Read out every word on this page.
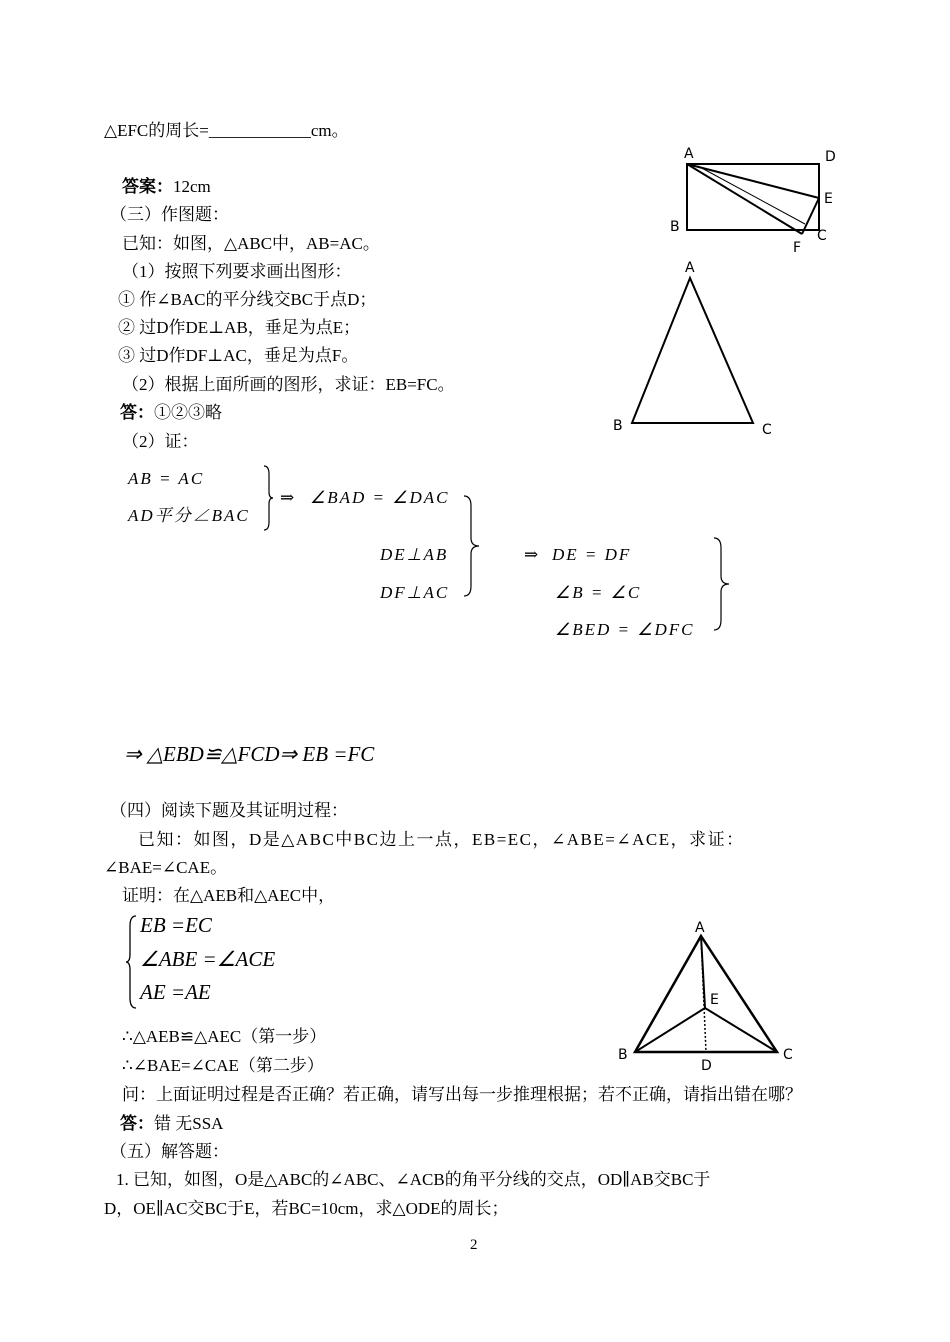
△EFC的周长=____________cm。
答案：12cm
（三）作图题：
已知：如图，△ABC中，AB=AC。
（1）按照下列要求画出图形：
① 作∠BAC的平分线交BC于点D；
② 过D作DE⊥AB，垂足为点E；
③ 过D作DF⊥AC，垂足为点F。
（2）根据上面所画的图形，求证：EB=FC。
答：①②③略
（2）证：
AB = AC
AD平分∠BAC
⇒ ∠BAD = ∠DAC
DE⊥AB
DF⊥AC
⇒ DE = DF
∠B = ∠C
∠BED = ∠DFC
⇒ △EBD≌△FCD⇒ EB =FC
（四）阅读下题及其证明过程：
已知：如图，D是△ABC中BC边上一点，EB=EC，∠ABE=∠ACE，求证：
∠BAE=∠CAE。
证明：在△AEB和△AEC中，
EB =EC
∠ABE =∠ACE
AE =AE
∴△AEB≌△AEC（第一步）
∴∠BAE=∠CAE（第二步）
问：上面证明过程是否正确？若正确，请写出每一步推理根据；若不正确，请指出错在哪？
答：错 无SSA
（五）解答题：
1. 已知，如图，O是△ABC的∠ABC、∠ACB的角平分线的交点，OD∥AB交BC于
D，OE∥AC交BC于E，若BC=10cm，求△ODE的周长；
2
A	D
E
B
F
C
A
B	C
A
E
B
D
C
